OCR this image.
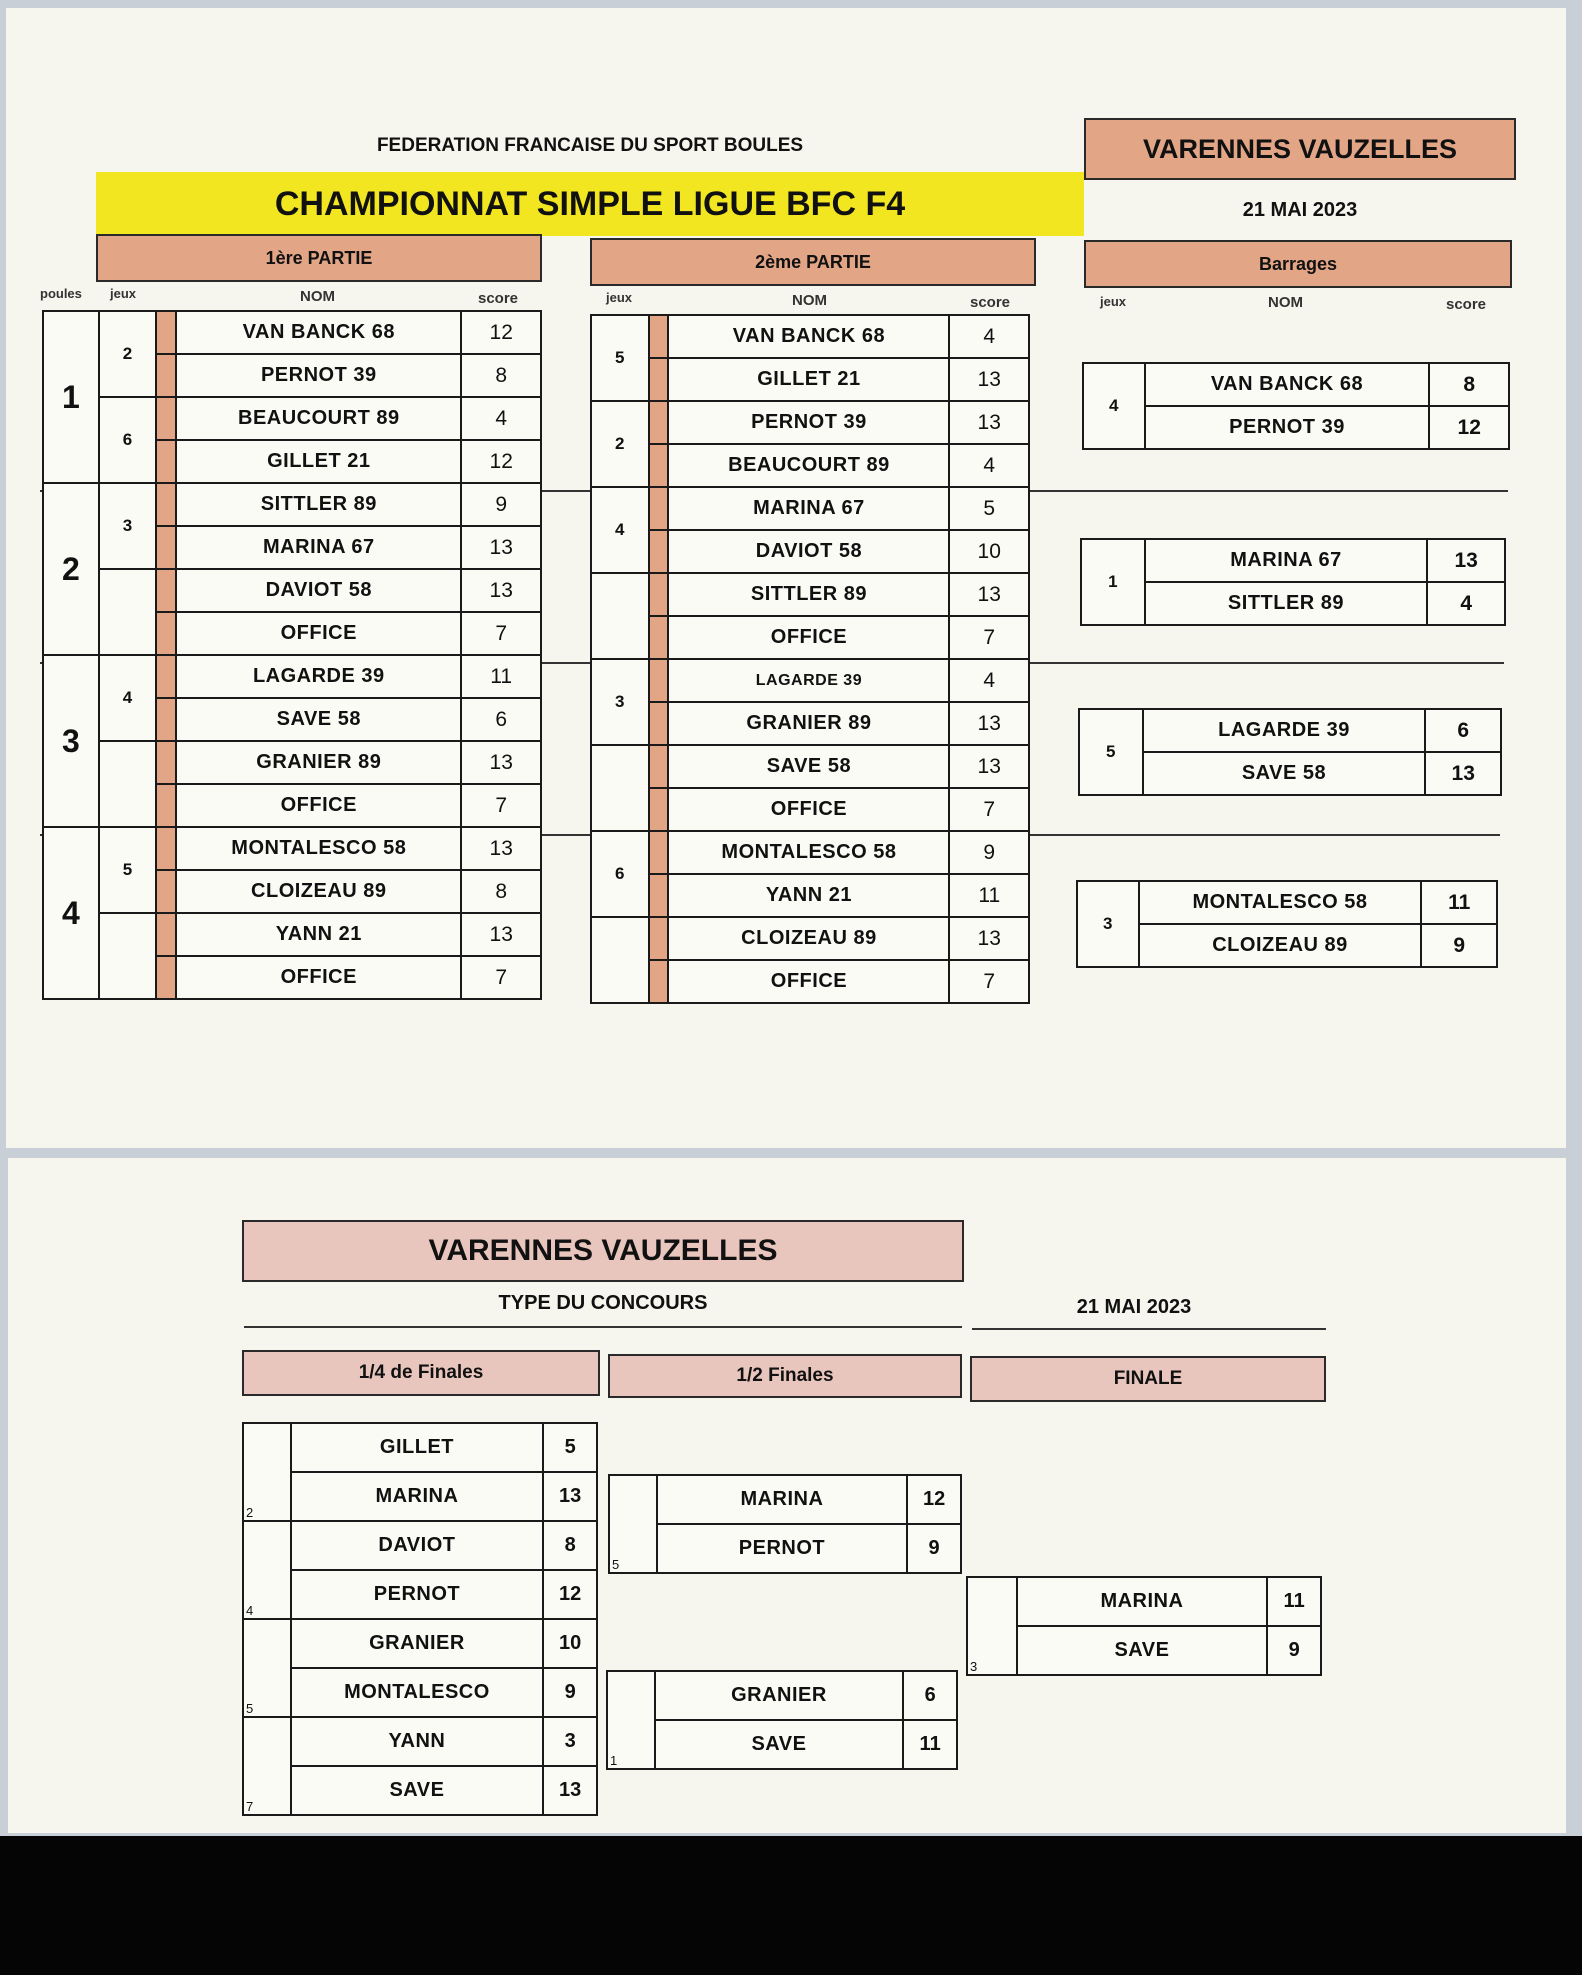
FEDERATION FRANCAISE DU SPORT BOULES	VARENNES VAUZELLES
CHAMPIONNAT SIMPLE LIGUE BFC F4	21 MAI 2023
1ère PARTIE	2ème PARTIE	Barrages
poules jeux	NOM	score	jeux	NOM	score	jeux	NOM	score
1	2		VAN BANCK 68	12
			PERNOT 39	8
	6		BEAUCOURT 89	4
			GILLET 21	12
2	3		SITTLER 89	9
			MARINA 67	13
			DAVIOT 58	13
			OFFICE	7
3	4		LAGARDE 39	11
			SAVE 58	6
			GRANIER 89	13
			OFFICE	7
4	5		MONTALESCO 58	13
			CLOIZEAU 89	8
			YANN 21	13
			OFFICE	7
5		VAN BANCK 68	4
		GILLET 21	13
2		PERNOT 39	13
		BEAUCOURT 89	4
4		MARINA 67	5
		DAVIOT 58	10
		SITTLER 89	13
		OFFICE	7
3		LAGARDE 39	4
		GRANIER 89	13
		SAVE 58	13
		OFFICE	7
6		MONTALESCO 58	9
		YANN 21	11
		CLOIZEAU 89	13
		OFFICE	7
4	VAN BANCK 68	8
	PERNOT 39	12
1	MARINA 67	13
	SITTLER 89	4
5	LAGARDE 39	6
	SAVE 58	13
3	MONTALESCO 58	11
	CLOIZEAU 89	9
VARENNES VAUZELLES
TYPE DU CONCOURS	21 MAI 2023
1/4 de Finales	1/2 Finales	FINALE
2	GILLET	5
	MARINA	13
4	DAVIOT	8
	PERNOT	12
5	GRANIER	10
	MONTALESCO	9
7	YANN	3
	SAVE	13
5	MARINA	12
	PERNOT	9
1	GRANIER	6
	SAVE	11
3	MARINA	11
	SAVE	9
